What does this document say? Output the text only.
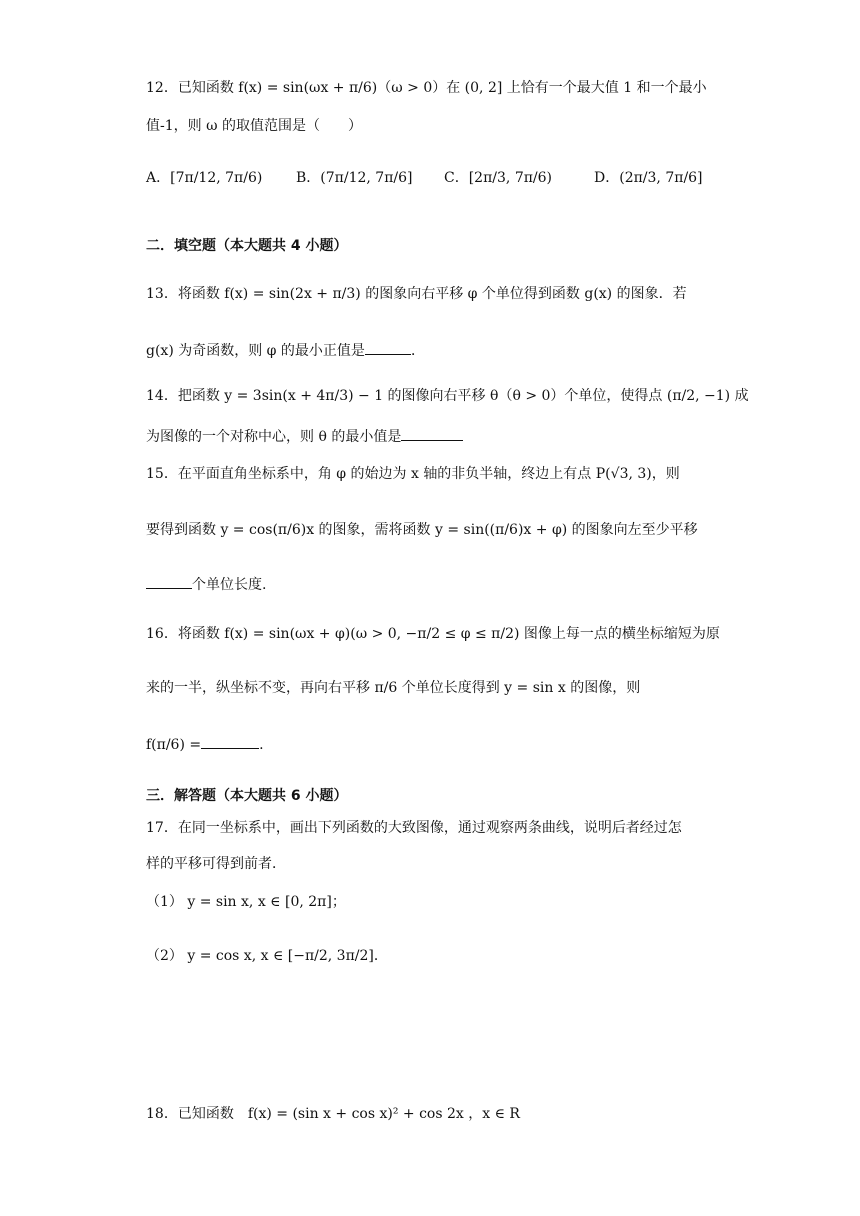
12．已知函数 f(x) = sin(ωx + π/6)（ω > 0）在 (0, 2] 上恰有一个最大值 1 和一个最小
值-1，则 ω 的取值范围是（　　）
A．[7π/12, 7π/6) B．(7π/12, 7π/6] C．[2π/3, 7π/6)	D．(2π/3, 7π/6]
二．填空题（本大题共 4 小题）
13．将函数 f(x) = sin(2x + π/3) 的图象向右平移 φ 个单位得到函数 g(x) 的图象．若
g(x) 为奇函数，则 φ 的最小正值是	．
14．把函数 y = 3sin(x + 4π/3) − 1 的图像向右平移 θ（θ > 0）个单位，使得点 (π/2, −1) 成
为图像的一个对称中心，则 θ 的最小值是
15．在平面直角坐标系中，角 φ 的始边为 x 轴的非负半轴，终边上有点 P(√3, 3)，则
要得到函数 y = cos(π/6)x 的图象，需将函数 y = sin((π/6)x + φ) 的图象向左至少平移
个单位长度.
16．将函数 f(x) = sin(ωx + φ)(ω > 0, −π/2 ≤ φ ≤ π/2) 图像上每一点的横坐标缩短为原
来的一半，纵坐标不变，再向右平移 π/6 个单位长度得到 y = sin x 的图像，则
f(π/6) =	.
三．解答题（本大题共 6 小题）
17．在同一坐标系中，画出下列函数的大致图像，通过观察两条曲线，说明后者经过怎
样的平移可得到前者．
（1） y = sin x, x ∈ [0, 2π]；
（2） y = cos x, x ∈ [−π/2, 3π/2]．
18．已知函数　f(x) = (sin x + cos x)² + cos 2x ，x ∈ R
